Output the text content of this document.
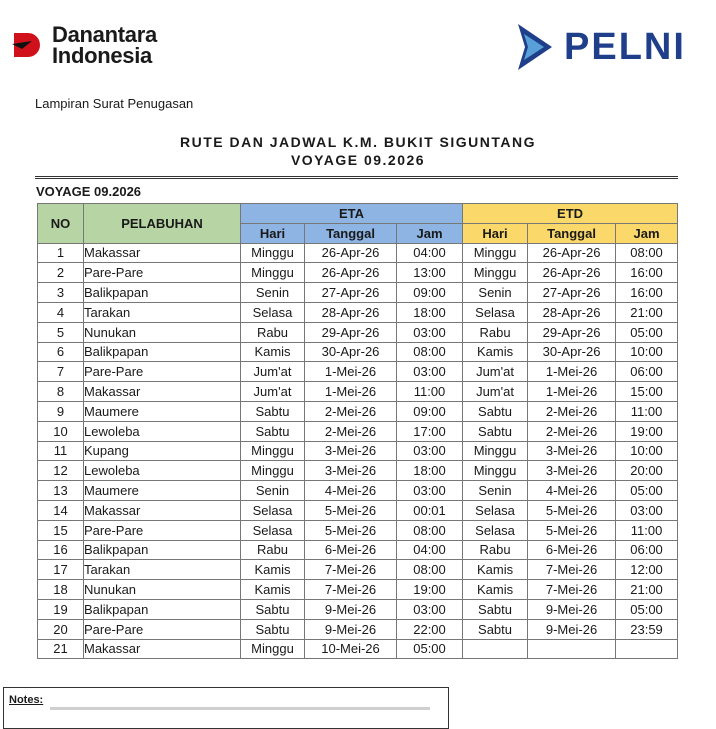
Danantara
Indonesia	PELNI
Lampiran Surat Penugasan
RUTE DAN JADWAL K.M. BUKIT SIGUNTANG
VOYAGE 09.2026
VOYAGE 09.2026
NO	PELABUHAN	ETA			ETD		
		Hari	Tanggal	Jam	Hari	Tanggal	Jam
1	Makassar	Minggu	26-Apr-26	04:00	Minggu	26-Apr-26	08:00
2	Pare-Pare	Minggu	26-Apr-26	13:00	Minggu	26-Apr-26	16:00
3	Balikpapan	Senin	27-Apr-26	09:00	Senin	27-Apr-26	16:00
4	Tarakan	Selasa	28-Apr-26	18:00	Selasa	28-Apr-26	21:00
5	Nunukan	Rabu	29-Apr-26	03:00	Rabu	29-Apr-26	05:00
6	Balikpapan	Kamis	30-Apr-26	08:00	Kamis	30-Apr-26	10:00
7	Pare-Pare	Jum'at	1-Mei-26	03:00	Jum'at	1-Mei-26	06:00
8	Makassar	Jum'at	1-Mei-26	11:00	Jum'at	1-Mei-26	15:00
9	Maumere	Sabtu	2-Mei-26	09:00	Sabtu	2-Mei-26	11:00
10	Lewoleba	Sabtu	2-Mei-26	17:00	Sabtu	2-Mei-26	19:00
11	Kupang	Minggu	3-Mei-26	03:00	Minggu	3-Mei-26	10:00
12	Lewoleba	Minggu	3-Mei-26	18:00	Minggu	3-Mei-26	20:00
13	Maumere	Senin	4-Mei-26	03:00	Senin	4-Mei-26	05:00
14	Makassar	Selasa	5-Mei-26	00:01	Selasa	5-Mei-26	03:00
15	Pare-Pare	Selasa	5-Mei-26	08:00	Selasa	5-Mei-26	11:00
16	Balikpapan	Rabu	6-Mei-26	04:00	Rabu	6-Mei-26	06:00
17	Tarakan	Kamis	7-Mei-26	08:00	Kamis	7-Mei-26	12:00
18	Nunukan	Kamis	7-Mei-26	19:00	Kamis	7-Mei-26	21:00
19	Balikpapan	Sabtu	9-Mei-26	03:00	Sabtu	9-Mei-26	05:00
20	Pare-Pare	Sabtu	9-Mei-26	22:00	Sabtu	9-Mei-26	23:59
21	Makassar	Minggu	10-Mei-26	05:00			
Notes:
